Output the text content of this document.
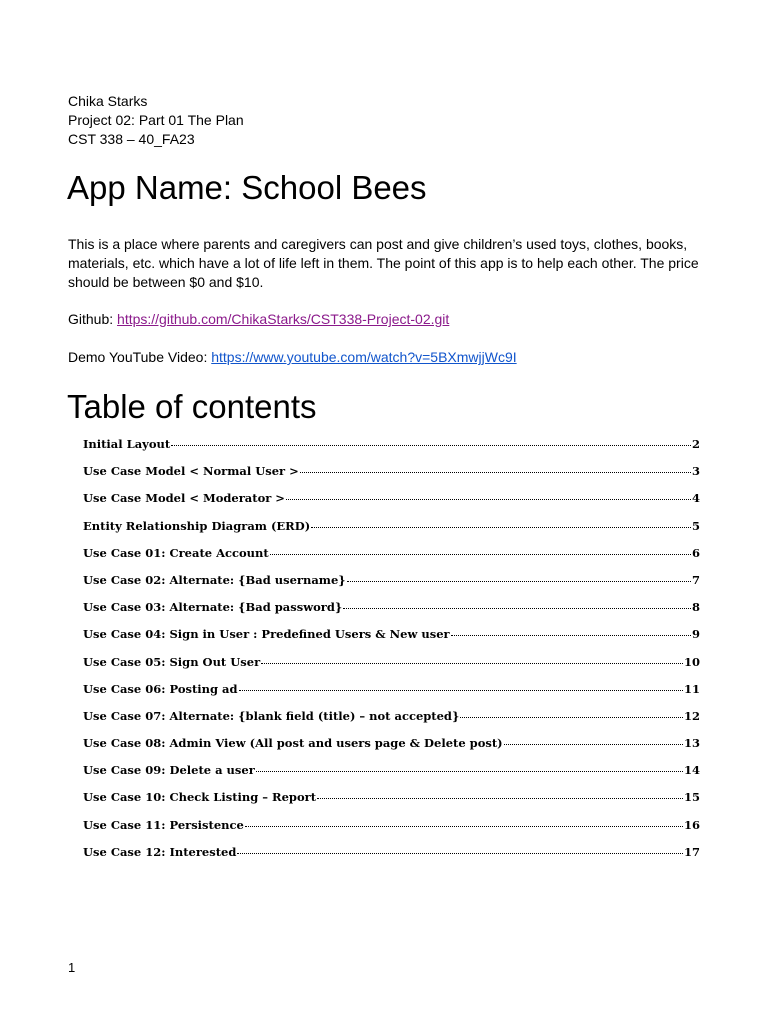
Chika Starks
Project 02: Part 01 The Plan
CST 338 – 40_FA23
App Name: School Bees

This is a place where parents and caregivers can post and give children’s used toys, clothes, books, materials, etc. which have a lot of life left in them. The point of this app is to help each other. The price should be between $0 and $10.

Github: https://github.com/ChikaStarks/CST338-Project-02.git
Demo YouTube Video: https://www.youtube.com/watch?v=5BXmwjjWc9I
Table of contents
Initial Layout	2
Use Case Model < Normal User >	3
Use Case Model < Moderator >	4
Entity Relationship Diagram (ERD)	5
Use Case 01: Create Account	6
Use Case 02: Alternate: {Bad username}	7
Use Case 03: Alternate: {Bad password}	8
Use Case 04: Sign in User : Predefined Users & New user	9
Use Case 05: Sign Out User	10
Use Case 06: Posting ad	11
Use Case 07: Alternate: {blank field (title) – not accepted}	12
Use Case 08: Admin View (All post and users page & Delete post)	13
Use Case 09: Delete a user	14
Use Case 10: Check Listing – Report	15
Use Case 11: Persistence	16
Use Case 12: Interested	17
1
